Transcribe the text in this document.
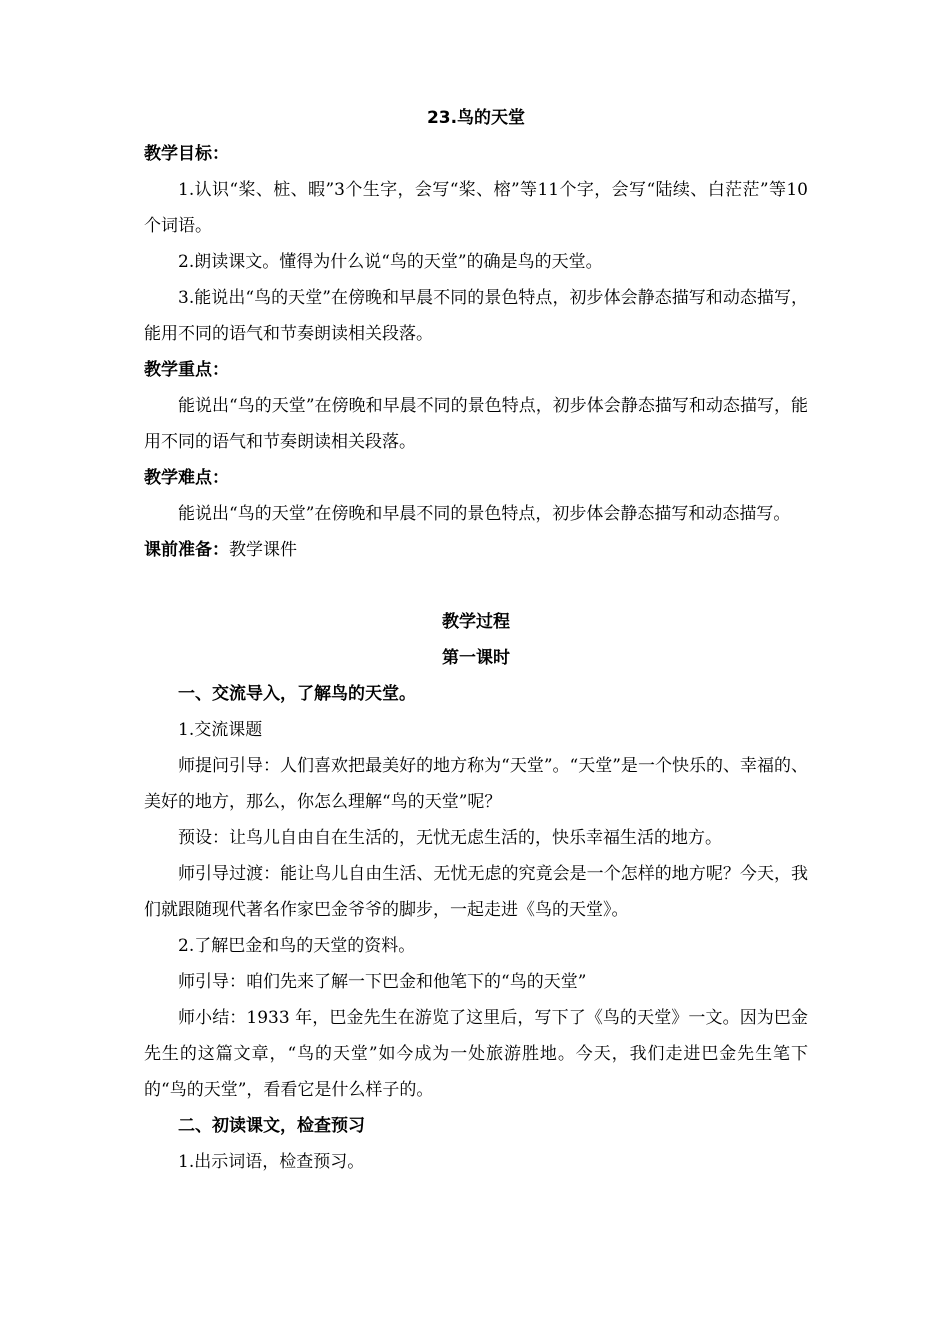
23.鸟的天堂
教学目标：

1.认识“桨、桩、暇”3个生字，会写“桨、榕”等11个字，会写“陆续、白茫茫”等10个词语。

2.朗读课文。懂得为什么说“鸟的天堂”的确是鸟的天堂。

3.能说出“鸟的天堂”在傍晚和早晨不同的景色特点，初步体会静态描写和动态描写，能用不同的语气和节奏朗读相关段落。

教学重点：

能说出“鸟的天堂”在傍晚和早晨不同的景色特点，初步体会静态描写和动态描写，能用不同的语气和节奏朗读相关段落。

教学难点：

能说出“鸟的天堂”在傍晚和早晨不同的景色特点，初步体会静态描写和动态描写。

课前准备：教学课件
教学过程
第一课时
一、交流导入，了解鸟的天堂。

1.交流课题

师提问引导：人们喜欢把最美好的地方称为“天堂”。“天堂”是一个快乐的、幸福的、美好的地方，那么，你怎么理解“鸟的天堂”呢？

预设：让鸟儿自由自在生活的，无忧无虑生活的，快乐幸福生活的地方。

师引导过渡：能让鸟儿自由生活、无忧无虑的究竟会是一个怎样的地方呢？今天，我们就跟随现代著名作家巴金爷爷的脚步，一起走进《鸟的天堂》。

2.了解巴金和鸟的天堂的资料。

师引导：咱们先来了解一下巴金和他笔下的“鸟的天堂”

师小结：1933 年，巴金先生在游览了这里后，写下了《鸟的天堂》一文。因为巴金先生的这篇文章，“鸟的天堂”如今成为一处旅游胜地。今天，我们走进巴金先生笔下的“鸟的天堂”，看看它是什么样子的。

二、初读课文，检查预习

1.出示词语，检查预习。
